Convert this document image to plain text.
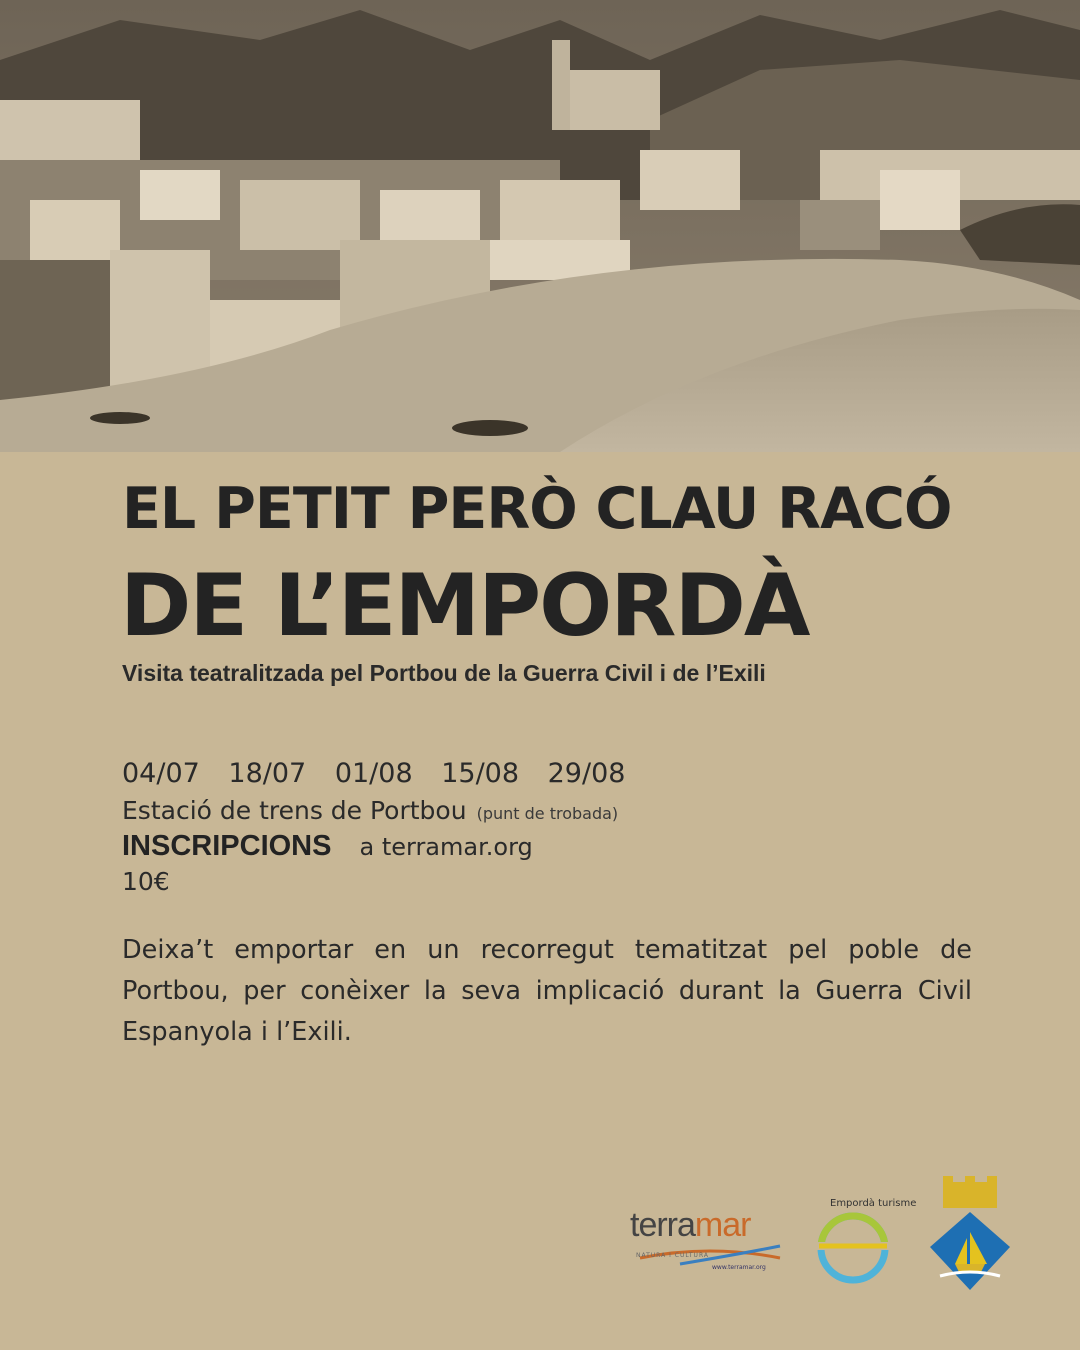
EL PETIT PERÒ CLAU RACÓ
DE L’EMPORDÀ
Visita teatralitzada pel Portbou de la Guerra Civil i de l’Exili
04/07 18/07 01/08 15/08 29/08
Estació de trens de Portbou (punt de trobada)
INSCRIPCIONS a terramar.org
10€
Deixa’t emportar en un recorregut tematitzat pel poble de Portbou, per conèixer la seva implicació durant la Guerra Civil Espanyola i l’Exili.
terramar
NATURA I CULTURA
www.terramar.org
Empordà turisme
